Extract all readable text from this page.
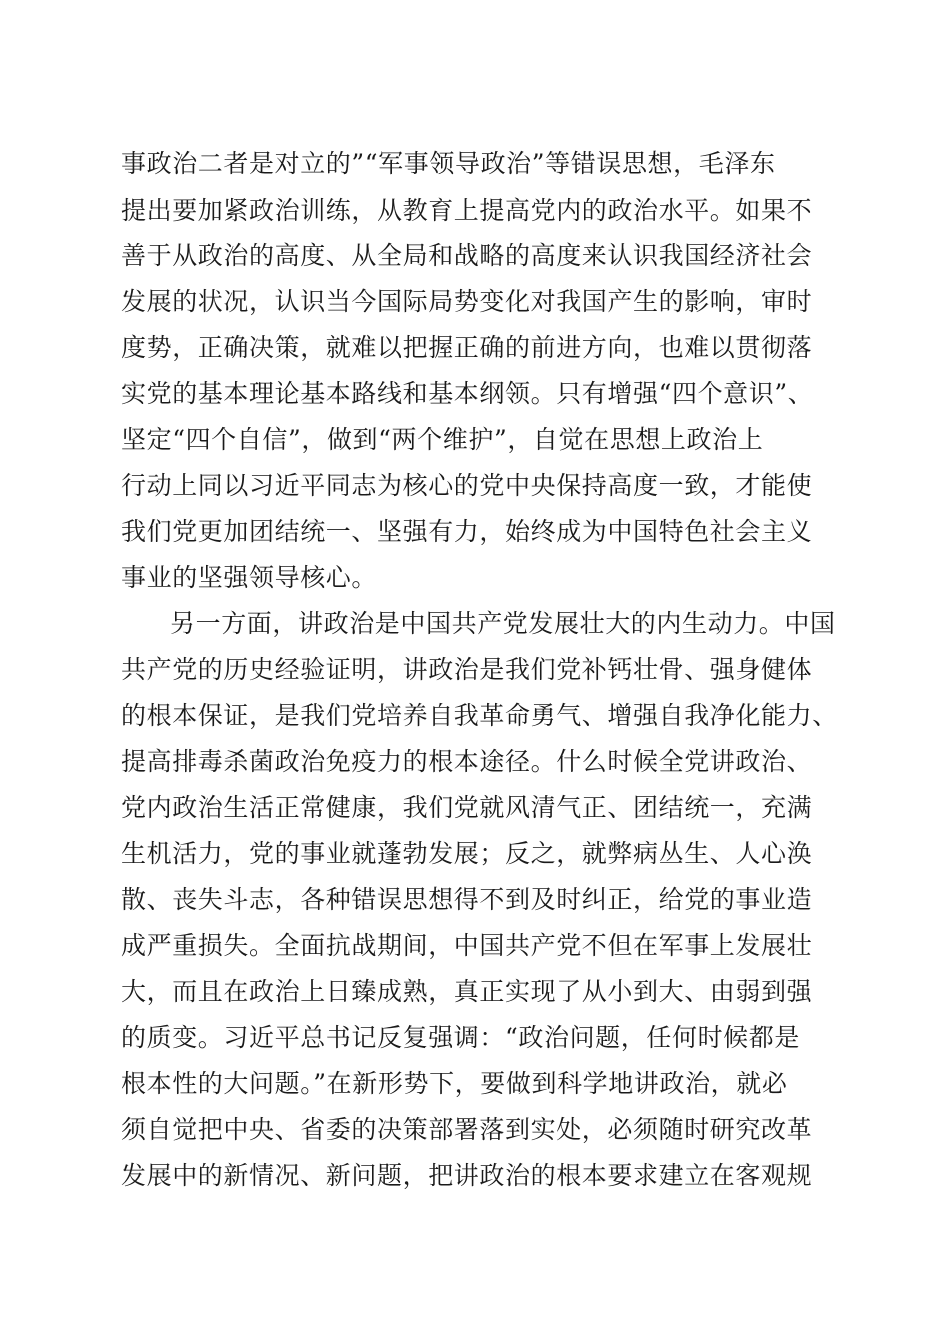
事政治二者是对立的”“军事领导政治”等错误思想，毛泽东

提出要加紧政治训练，从教育上提高党内的政治水平。如果不

善于从政治的高度、从全局和战略的高度来认识我国经济社会

发展的状况，认识当今国际局势变化对我国产生的影响，审时

度势，正确决策，就难以把握正确的前进方向，也难以贯彻落

实党的基本理论基本路线和基本纲领。只有增强“四个意识”、

坚定“四个自信”，做到“两个维护”，自觉在思想上政治上

行动上同以习近平同志为核心的党中央保持高度一致，才能使

我们党更加团结统一、坚强有力，始终成为中国特色社会主义

事业的坚强领导核心。

另一方面，讲政治是中国共产党发展壮大的内生动力。中国

共产党的历史经验证明，讲政治是我们党补钙壮骨、强身健体

的根本保证，是我们党培养自我革命勇气、增强自我净化能力、

提高排毒杀菌政治免疫力的根本途径。什么时候全党讲政治、

党内政治生活正常健康，我们党就风清气正、团结统一，充满

生机活力，党的事业就蓬勃发展；反之，就弊病丛生、人心涣

散、丧失斗志，各种错误思想得不到及时纠正，给党的事业造

成严重损失。全面抗战期间，中国共产党不但在军事上发展壮

大，而且在政治上日臻成熟，真正实现了从小到大、由弱到强

的质变。习近平总书记反复强调：“政治问题，任何时候都是

根本性的大问题。”在新形势下，要做到科学地讲政治，就必

须自觉把中央、省委的决策部署落到实处，必须随时研究改革

发展中的新情况、新问题，把讲政治的根本要求建立在客观规
